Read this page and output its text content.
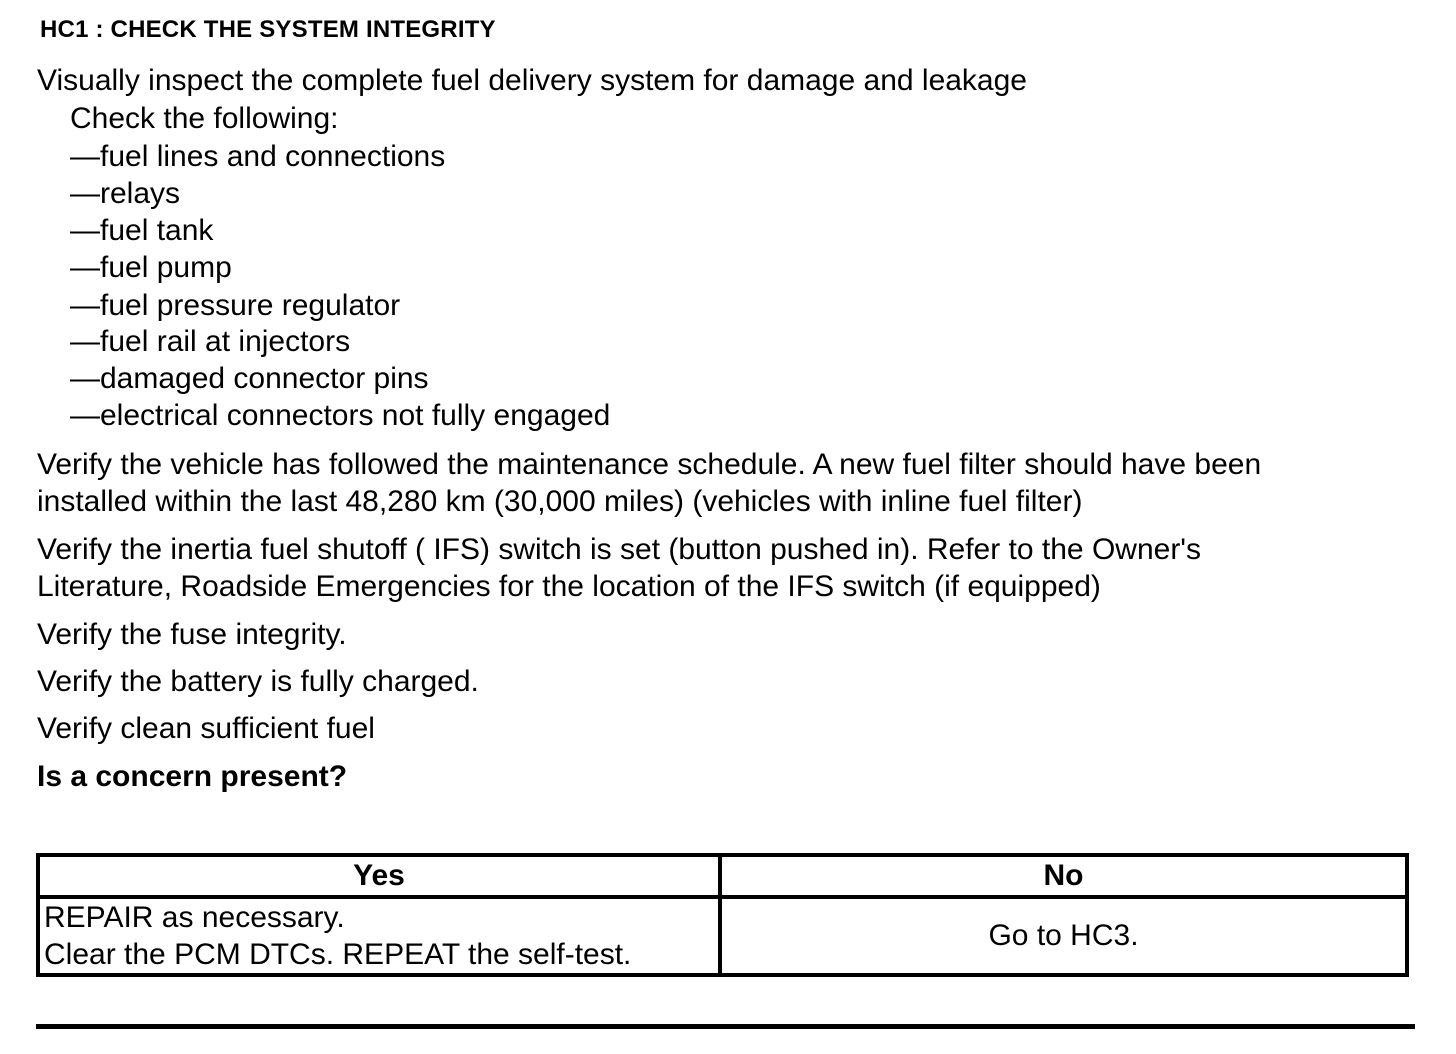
HC1 : CHECK THE SYSTEM INTEGRITY
Visually inspect the complete fuel delivery system for damage and leakage
Check the following:
—fuel lines and connections
—relays
—fuel tank
—fuel pump
—fuel pressure regulator
—fuel rail at injectors
—damaged connector pins
—electrical connectors not fully engaged
Verify the vehicle has followed the maintenance schedule. A new fuel filter should have been
installed within the last 48,280 km (30,000 miles) (vehicles with inline fuel filter)
Verify the inertia fuel shutoff ( IFS) switch is set (button pushed in). Refer to the Owner's
Literature, Roadside Emergencies for the location of the IFS switch (if equipped)
Verify the fuse integrity.
Verify the battery is fully charged.
Verify clean sufficient fuel
Is a concern present?
Yes	No

REPAIR as necessary.
Clear the PCM DTCs. REPEAT the self-test.	Go to HC3.
